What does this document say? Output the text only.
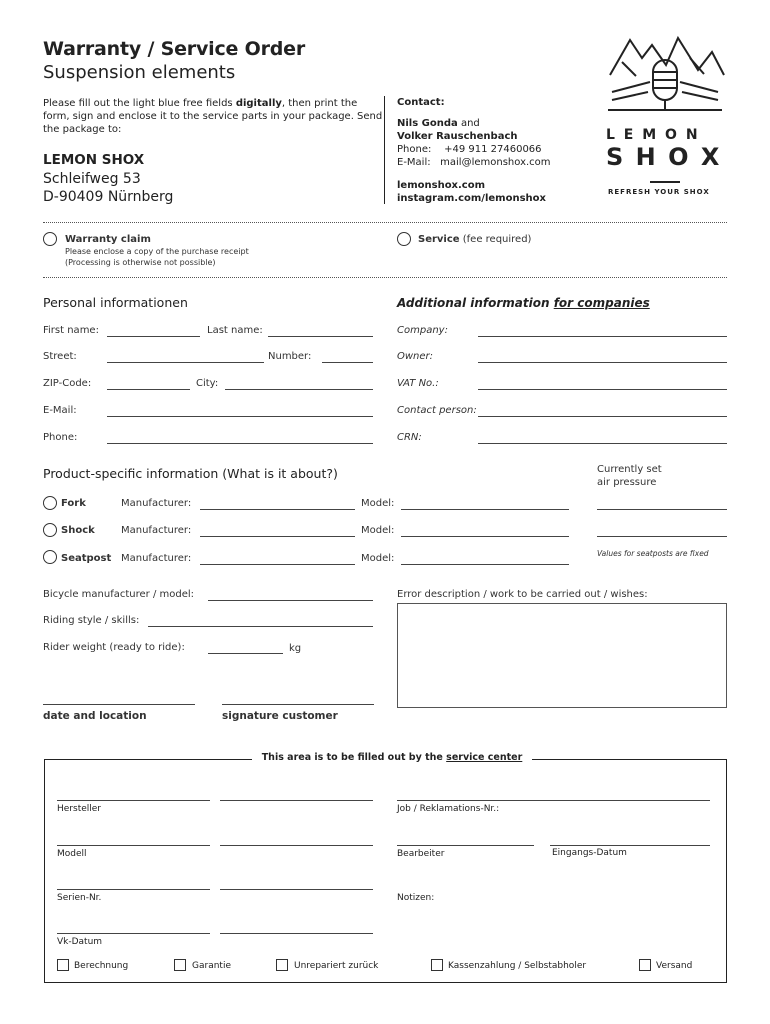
Warranty / Service Order
Suspension elements
Please fill out the light blue free fields digitally, then print the form, sign and enclose it to the service parts in your package. Send the package to:
LEMON SHOX
Schleifweg 53
D-90409 Nürnberg
Contact:
Nils Gonda and
Volker Rauschenbach
Phone: +49 911 27460066
E-Mail: mail@lemonshox.com
lemonshox.com
instagram.com/lemonshox
L E M O N
S H O X
REFRESH YOUR SHOX
Warranty claim
Please enclose a copy of the purchase receipt
(Processing is otherwise not possible)
Service (fee required)
Personal informationen
First name:	Last name:
Street:	Number:
ZIP-Code:	City:
E-Mail:
Phone:
Additional information for companies
Company:
Owner:
VAT No.:
Contact person:
CRN:
Product-specific information (What is it about?)	Currently set
air pressure
Fork	Manufacturer:	Model:
Shock	Manufacturer:	Model:
Seatpost Manufacturer:	Model:	Values for seatposts are fixed
Bicycle manufacturer / model:
Riding style / skills:
Rider weight (ready to ride):	kg
Error description / work to be carried out / wishes:
date and location	signature customer
This area is to be filled out by the service center
Hersteller	Job / Reklamations-Nr.:
Modell	Bearbeiter	Eingangs-Datum
Serien-Nr.	Notizen:
Vk-Datum
Berechnung	Garantie	Unrepariert zurück	Kassenzahlung / Selbstabholer	Versand
